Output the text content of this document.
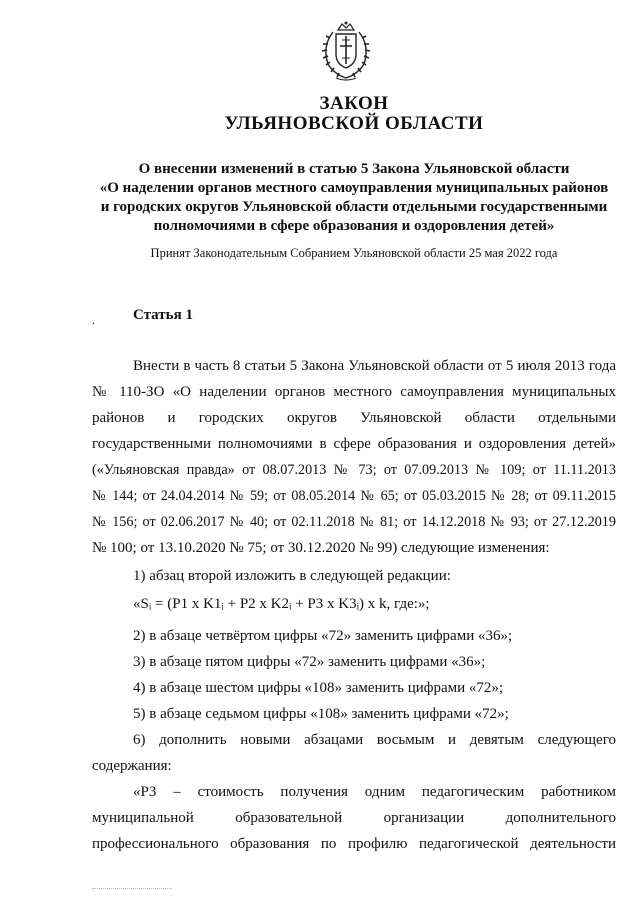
ЗАКОН
УЛЬЯНОВСКОЙ ОБЛАСТИ
О внесении изменений в статью 5 Закона Ульяновской области
«О наделении органов местного самоуправления муниципальных районов
и городских округов Ульяновской области отдельными государственными
полномочиями в сфере образования и оздоровления детей»
Принят Законодательным Собранием Ульяновской области 25 мая 2022 года
.	Статья 1
Внести в часть 8 статьи 5 Закона Ульяновской области от 5 июля 2013 года
№ 110-ЗО «О наделении органов местного самоуправления муниципальных
районов и городских округов Ульяновской области отдельными
государственными полномочиями в сфере образования и оздоровления детей»
(«Ульяновская правда» от 08.07.2013 № 73; от 07.09.2013 № 109; от 11.11.2013
№ 144; от 24.04.2014 № 59; от 08.05.2014 № 65; от 05.03.2015 № 28; от 09.11.2015
№ 156; от 02.06.2017 № 40; от 02.11.2018 № 81; от 14.12.2018 № 93; от 27.12.2019
№ 100; от 13.10.2020 № 75; от 30.12.2020 № 99) следующие изменения:
1) абзац второй изложить в следующей редакции:
«Sᵢ = (P1 x K1ᵢ + P2 x K2ᵢ + P3 x K3ᵢ) x k, где:»;
2) в абзаце четвёртом цифры «72» заменить цифрами «36»;
3) в абзаце пятом цифры «72» заменить цифрами «36»;
4) в абзаце шестом цифры «108» заменить цифрами «72»;
5) в абзаце седьмом цифры «108» заменить цифрами «72»;
6) дополнить новыми абзацами восьмым и девятым следующего
содержания:
«Р3 – стоимость получения одним педагогическим работником
муниципальной образовательной организации дополнительного
профессионального образования по профилю педагогической деятельности
